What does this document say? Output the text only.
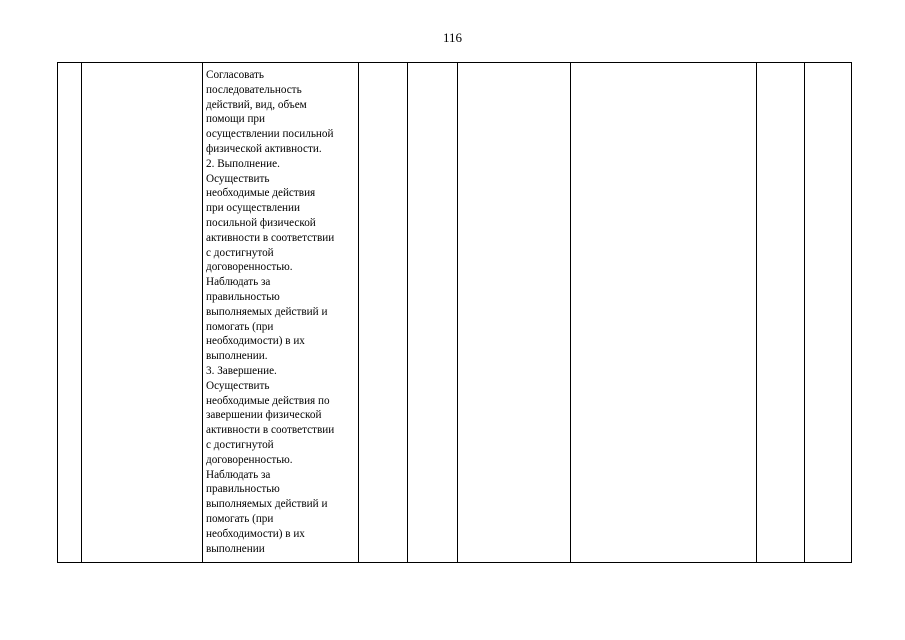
116

Согласовать
последовательность
действий, вид, объем
помощи при
осуществлении посильной
физической активности.
2. Выполнение.
Осуществить
необходимые действия
при осуществлении
посильной физической
активности в соответствии
с достигнутой
договоренностью.
Наблюдать за
правильностью
выполняемых действий и
помогать (при
необходимости) в их
выполнении.
3. Завершение.
Осуществить
необходимые действия по
завершении физической
активности в соответствии
с достигнутой
договоренностью.
Наблюдать за
правильностью
выполняемых действий и
помогать (при
необходимости) в их
выполнении
